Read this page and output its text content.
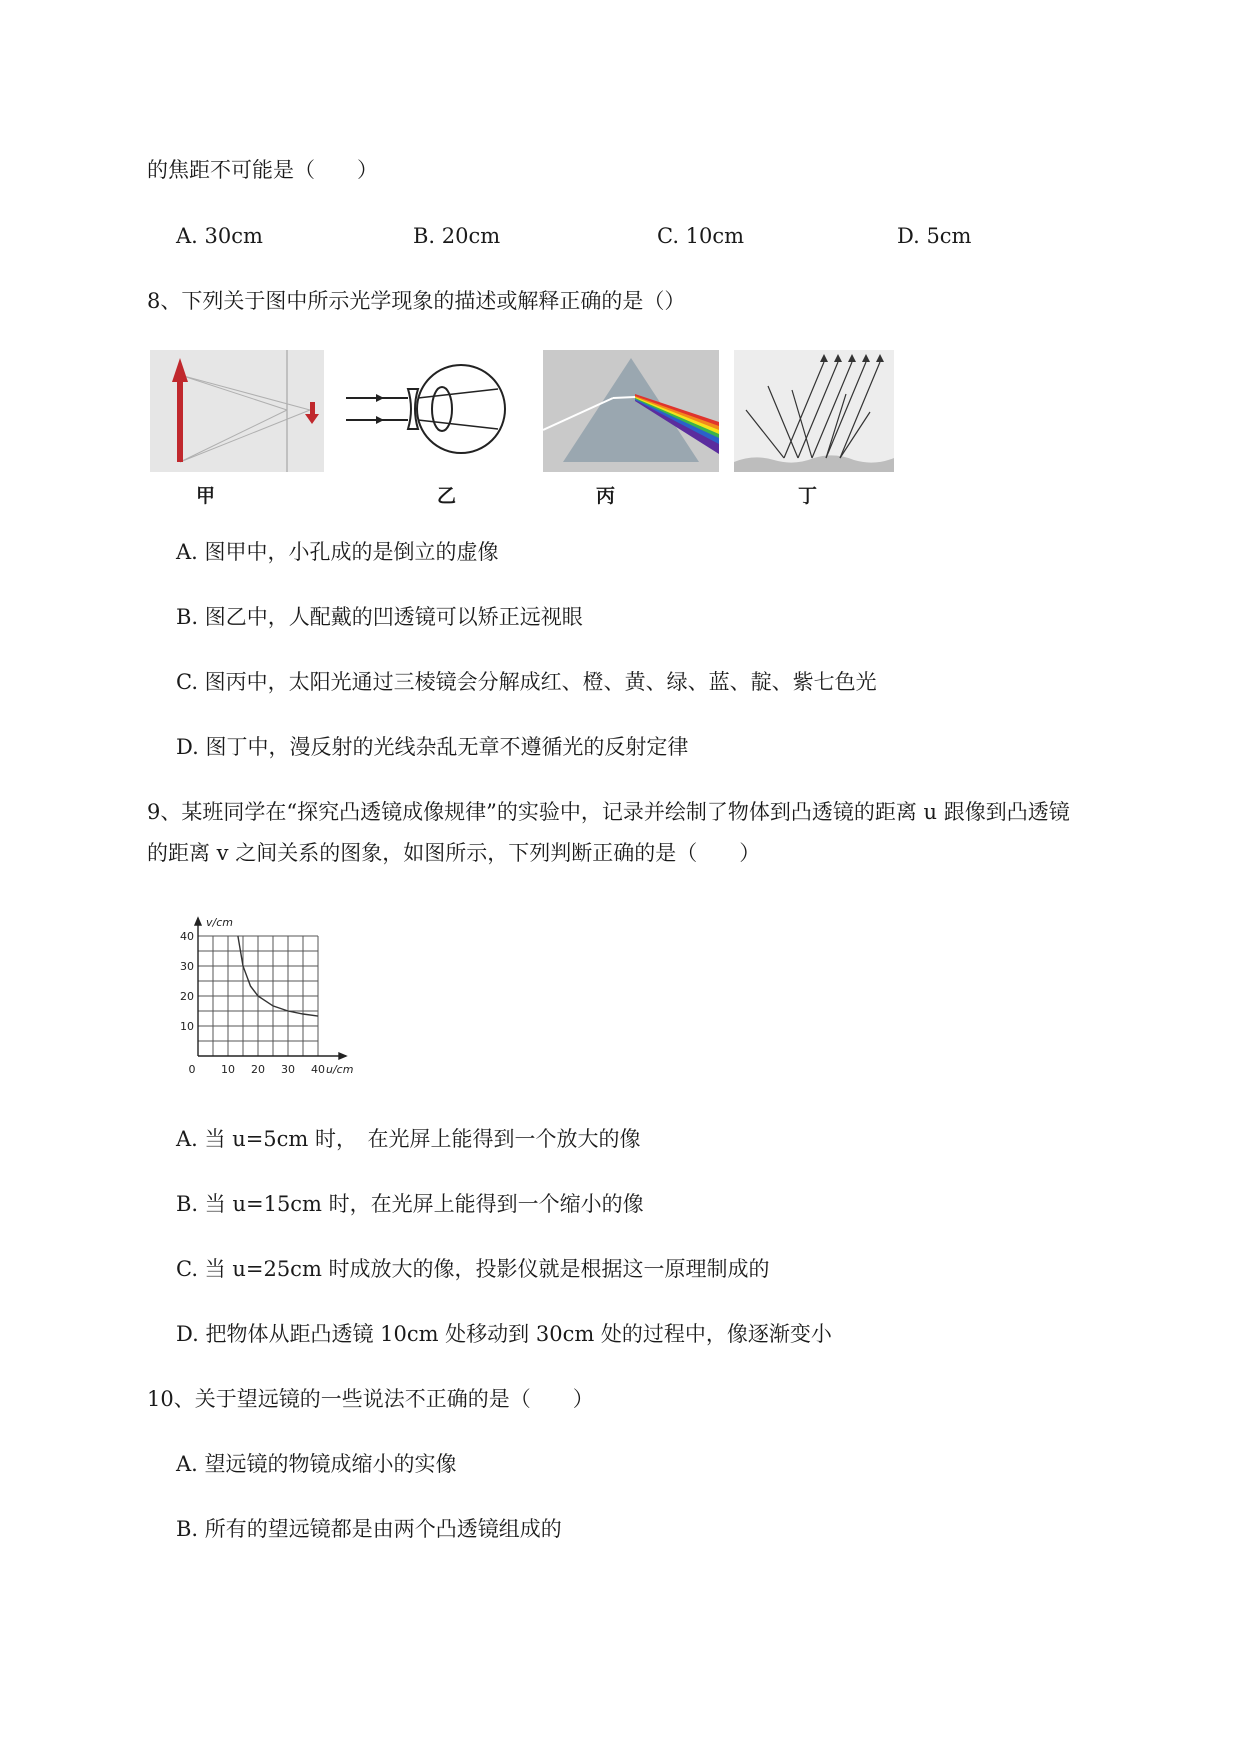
的焦距不可能是（　　）
A. 30cm	B. 20cm	C. 10cm	D. 5cm
8、下列关于图中所示光学现象的描述或解释正确的是（）
甲	乙	丙	丁
A. 图甲中，小孔成的是倒立的虚像
B. 图乙中，人配戴的凹透镜可以矫正远视眼
C. 图丙中，太阳光通过三棱镜会分解成红、橙、黄、绿、蓝、靛、紫七色光
D. 图丁中，漫反射的光线杂乱无章不遵循光的反射定律
9、某班同学在“探究凸透镜成像规律”的实验中，记录并绘制了物体到凸透镜的距离 u 跟像到凸透镜
的距离 v 之间关系的图象，如图所示，下列判断正确的是（　　）
10 20 30 40
40
30
20
10
0
v/cm
u/cm
A. 当 u=5cm 时，　在光屏上能得到一个放大的像
B. 当 u=15cm 时，在光屏上能得到一个缩小的像
C. 当 u=25cm 时成放大的像，投影仪就是根据这一原理制成的
D. 把物体从距凸透镜 10cm 处移动到 30cm 处的过程中，像逐渐变小
10、关于望远镜的一些说法不正确的是（　　）
A. 望远镜的物镜成缩小的实像
B. 所有的望远镜都是由两个凸透镜组成的
